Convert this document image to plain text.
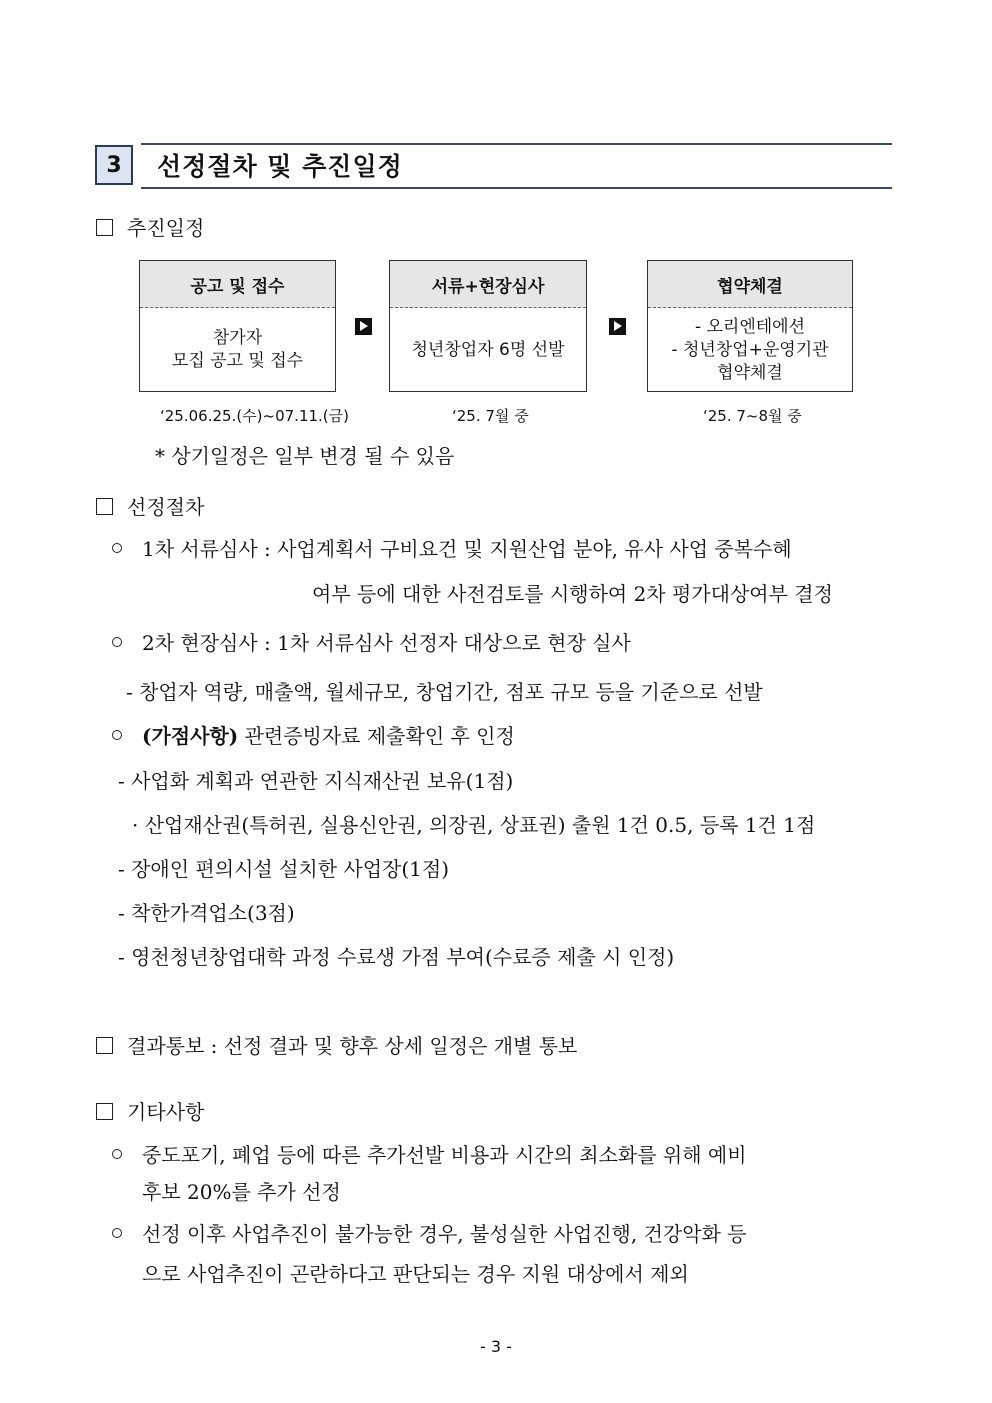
3	선정절차 및 추진일정
추진일정
공고 및 접수
참가자
모집 공고 및 접수
서류+현장심사
청년창업자 6명 선발
협약체결
- 오리엔테에션
- 청년창업+운영기관
협약체결
‘25.06.25.(수)~07.11.(금)	‘25. 7월 중	‘25. 7~8월 중
* 상기일정은 일부 변경 될 수 있음
선정절차
1차 서류심사 : 사업계획서 구비요건 및 지원산업 분야, 유사 사업 중복수혜
여부 등에 대한 사전검토를 시행하여 2차 평가대상여부 결정
2차 현장심사 : 1차 서류심사 선정자 대상으로 현장 실사
- 창업자 역량, 매출액, 월세규모, 창업기간, 점포 규모 등을 기준으로 선발
(가점사항) 관련증빙자료 제출확인 후 인정
- 사업화 계획과 연관한 지식재산권 보유(1점)
· 산업재산권(특허권, 실용신안권, 의장권, 상표권) 출원 1건 0.5, 등록 1건 1점
- 장애인 편의시설 설치한 사업장(1점)
- 착한가격업소(3점)
- 영천청년창업대학 과정 수료생 가점 부여(수료증 제출 시 인정)
결과통보 : 선정 결과 및 향후 상세 일정은 개별 통보
기타사항
중도포기, 폐업 등에 따른 추가선발 비용과 시간의 최소화를 위해 예비
후보 20%를 추가 선정
선정 이후 사업추진이 불가능한 경우, 불성실한 사업진행, 건강악화 등
으로 사업추진이 곤란하다고 판단되는 경우 지원 대상에서 제외
- 3 -
